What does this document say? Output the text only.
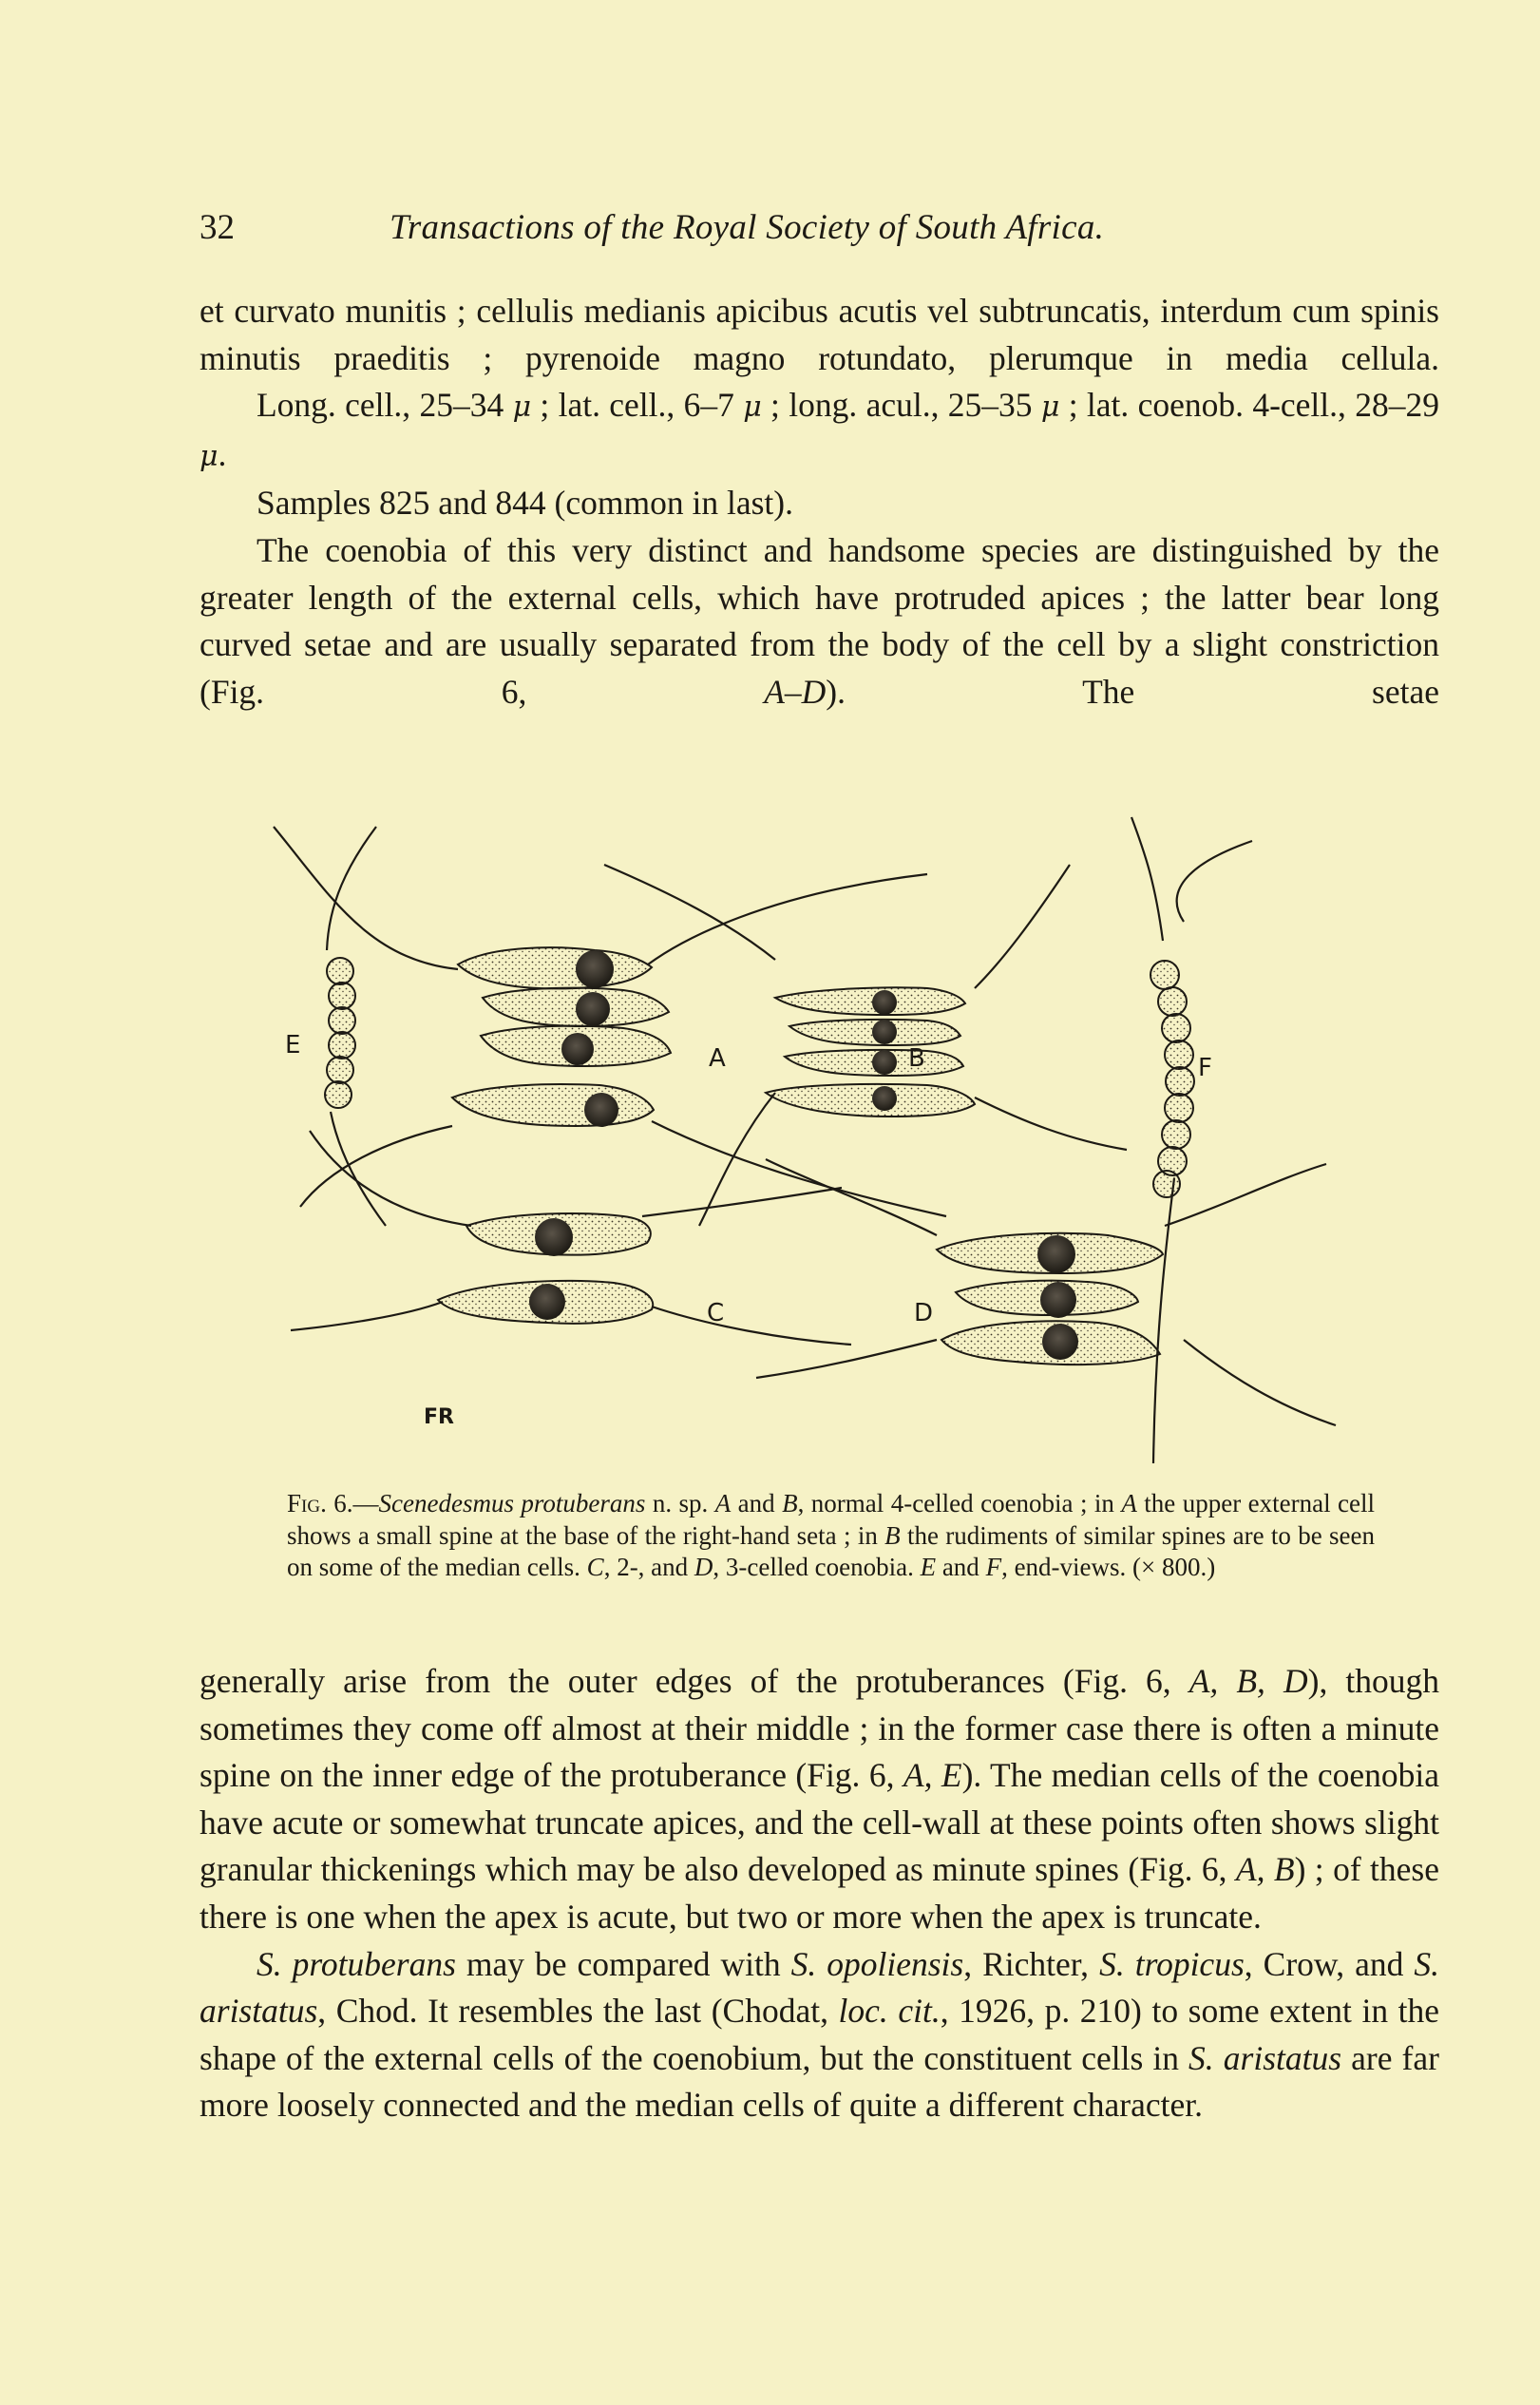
32	Transactions of the Royal Society of South Africa.

et curvato munitis ; cellulis medianis apicibus acutis vel subtruncatis, interdum cum spinis minutis praeditis ; pyrenoide magno rotundato, plerumque in media cellula.

Long. cell., 25–34 μ ; lat. cell., 6–7 μ ; long. acul., 25–35 μ ; lat. coenob. 4-cell., 28–29 μ.

Samples 825 and 844 (common in last).

The coenobia of this very distinct and handsome species are distinguished by the greater length of the external cells, which have protruded apices ; the latter bear long curved setae and are usually separated from the body of the cell by a slight constriction (Fig. 6, A–D). The setae

E	A	B	F
C	D
FR

Fig. 6.—Scenedesmus protuberans n. sp. A and B, normal 4-celled coenobia ; in A the upper external cell shows a small spine at the base of the right-hand seta ; in B the rudiments of similar spines are to be seen on some of the median cells. C, 2-, and D, 3-celled coenobia. E and F, end-views. (× 800.)

generally arise from the outer edges of the protuberances (Fig. 6, A, B, D), though sometimes they come off almost at their middle ; in the former case there is often a minute spine on the inner edge of the protuberance (Fig. 6, A, E). The median cells of the coenobia have acute or somewhat truncate apices, and the cell-wall at these points often shows slight granular thickenings which may be also developed as minute spines (Fig. 6, A, B) ; of these there is one when the apex is acute, but two or more when the apex is truncate.

S. protuberans may be compared with S. opoliensis, Richter, S. tropicus, Crow, and S. aristatus, Chod. It resembles the last (Chodat, loc. cit., 1926, p. 210) to some extent in the shape of the external cells of the coenobium, but the constituent cells in S. aristatus are far more loosely connected and the median cells of quite a different character.
